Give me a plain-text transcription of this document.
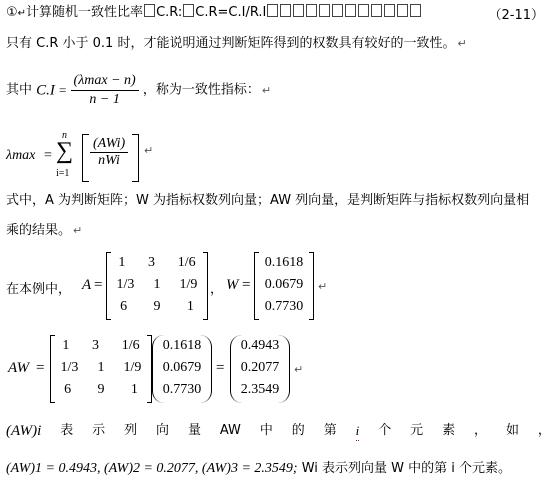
①↵计算随机一致性比率 C.R: C.R=C.I/R.I	（2-11）
只有 C.R 小于 0.1 时，才能说明通过判断矩阵得到的权数具有较好的一致性。 ↵
其中 $C.I = \frac{(\lambda\max - n)}{n - 1}$ ，称为一致性指标： ↵
λmax =
n
∑
i=1
(AWi)
nWi
↵
式中，A 为判断矩阵；W 为指标权数列向量；AW 列向量，是判断矩阵与指标权数列向量相
乘的结果。 ↵
在本例中， A =
1 3 1/6
1/3 1 1/9
6 9 1
， W =
0.1618
0.0679
0.7730
↵
AW =
1 3 1/6
1/3 1 1/9
6 9 1
0.1618
0.0679
0.7730
=
0.4943
0.2077
2.3549
↵
(AW)i 表 示 列 向 量 AW 中 的 第 i 个 元 素 ， 如 ，
(AW)1 = 0.4943, (AW)2 = 0.2077, (AW)3 = 2.3549; Wi 表示列向量 W 中的第 i 个元素。
